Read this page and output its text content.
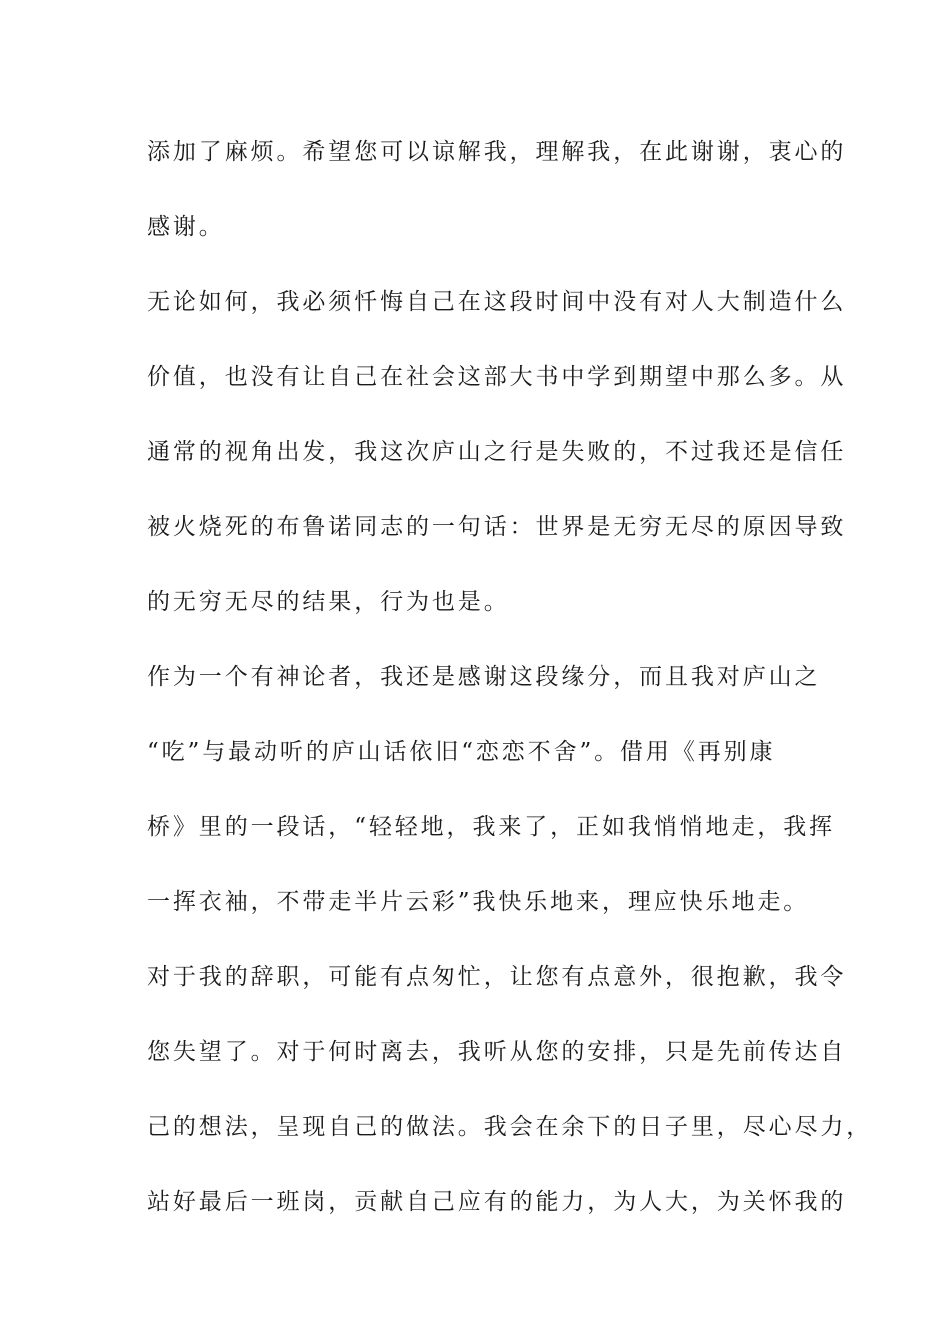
添加了麻烦。希望您可以谅解我，理解我，在此谢谢，衷心的
感谢。
无论如何，我必须忏悔自己在这段时间中没有对人大制造什么
价值，也没有让自己在社会这部大书中学到期望中那么多。从
通常的视角出发，我这次庐山之行是失败的，不过我还是信任
被火烧死的布鲁诺同志的一句话：世界是无穷无尽的原因导致
的无穷无尽的结果，行为也是。
作为一个有神论者，我还是感谢这段缘分，而且我对庐山之
“吃”与最动听的庐山话依旧“恋恋不舍”。借用《再别康
桥》里的一段话，“轻轻地，我来了，正如我悄悄地走，我挥
一挥衣袖，不带走半片云彩”我快乐地来，理应快乐地走。
对于我的辞职，可能有点匆忙，让您有点意外，很抱歉，我令
您失望了。对于何时离去，我听从您的安排，只是先前传达自
己的想法，呈现自己的做法。我会在余下的日子里，尽心尽力，
站好最后一班岗，贡献自己应有的能力，为人大，为关怀我的
